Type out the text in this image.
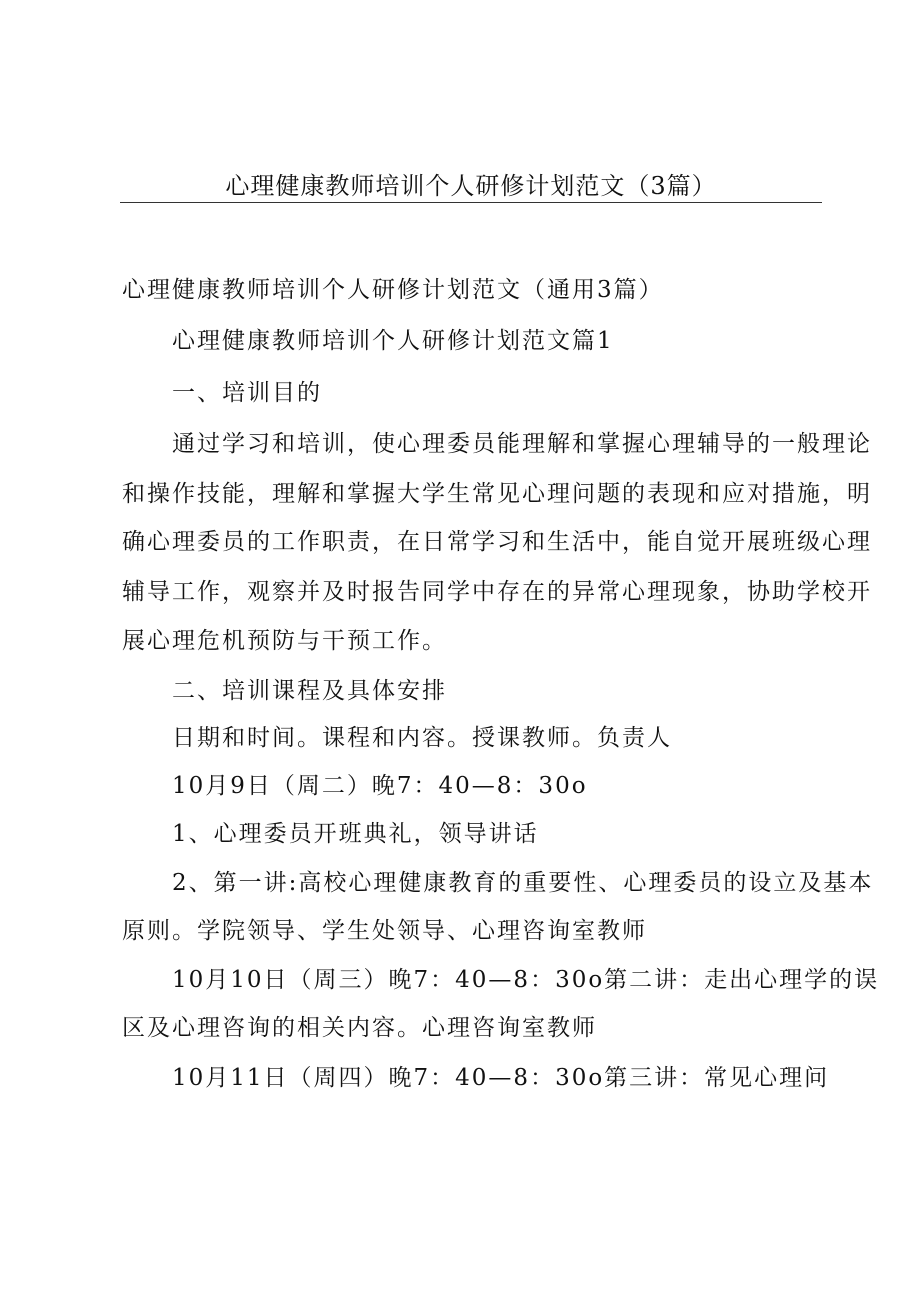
心理健康教师培训个人研修计划范文（3篇）
心理健康教师培训个人研修计划范文（通用3篇）
心理健康教师培训个人研修计划范文篇1
一、培训目的
通过学习和培训，使心理委员能理解和掌握心理辅导的一般理论
和操作技能，理解和掌握大学生常见心理问题的表现和应对措施，明
确心理委员的工作职责，在日常学习和生活中，能自觉开展班级心理
辅导工作，观察并及时报告同学中存在的异常心理现象，协助学校开
展心理危机预防与干预工作。
二、培训课程及具体安排
日期和时间。课程和内容。授课教师。负责人
10月9日（周二）晚7：40—8：30o
1、心理委员开班典礼，领导讲话
2、第一讲:高校心理健康教育的重要性、心理委员的设立及基本
原则。学院领导、学生处领导、心理咨询室教师
10月10日（周三）晚7：40—8：30o第二讲：走出心理学的误
区及心理咨询的相关内容。心理咨询室教师
10月11日（周四）晚7：40—8：30o第三讲：常见心理问
